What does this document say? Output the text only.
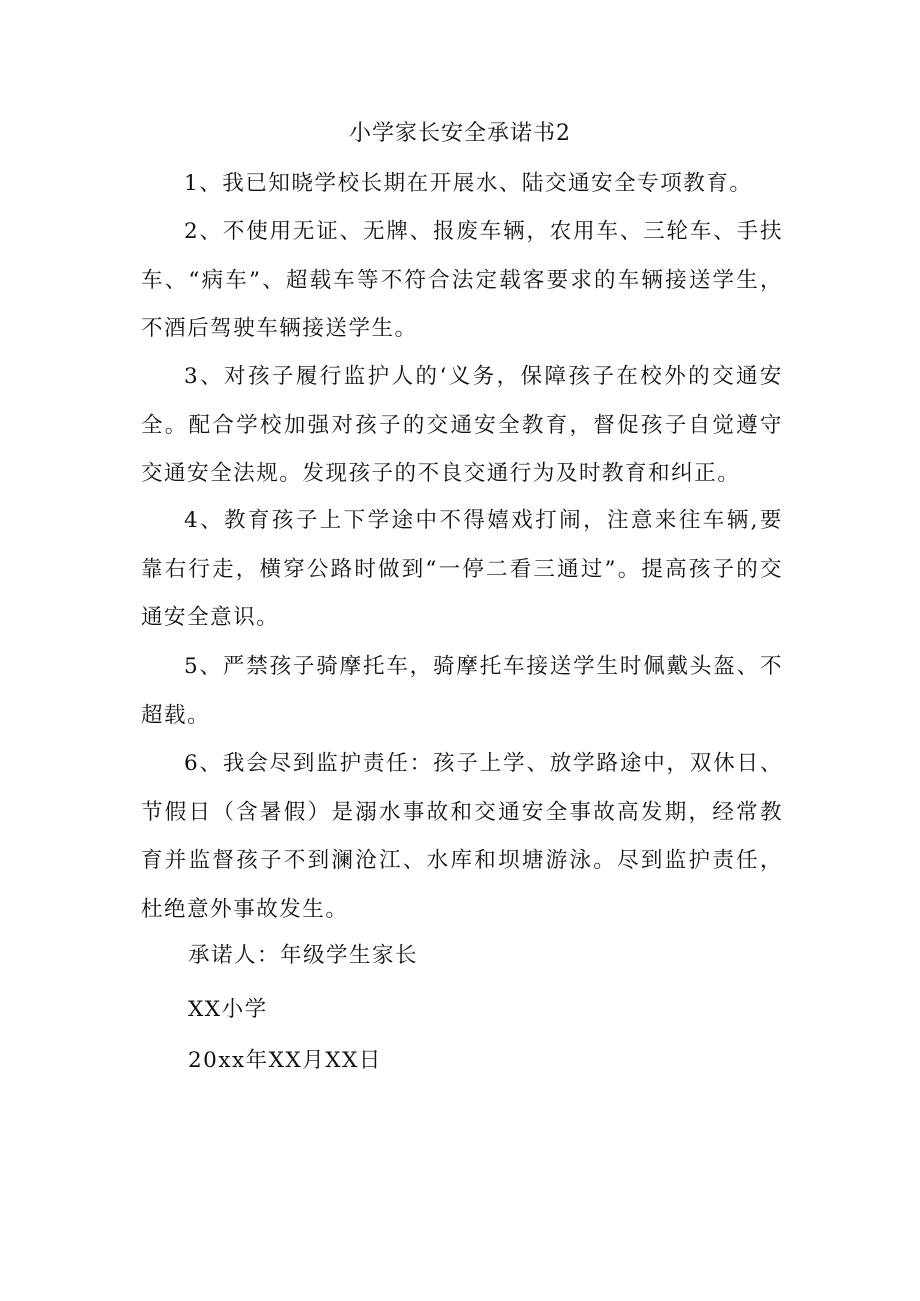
小学家长安全承诺书2

1、我已知晓学校长期在开展水、陆交通安全专项教育。

2、不使用无证、无牌、报废车辆，农用车、三轮车、手扶车、“病车”、超载车等不符合法定载客要求的车辆接送学生，不酒后驾驶车辆接送学生。

3、对孩子履行监护人的‘义务，保障孩子在校外的交通安全。配合学校加强对孩子的交通安全教育，督促孩子自觉遵守交通安全法规。发现孩子的不良交通行为及时教育和纠正。

4、教育孩子上下学途中不得嬉戏打闹，注意来往车辆,要靠右行走，横穿公路时做到“一停二看三通过”。提高孩子的交通安全意识。

5、严禁孩子骑摩托车，骑摩托车接送学生时佩戴头盔、不超载。

6、我会尽到监护责任：孩子上学、放学路途中，双休日、节假日（含暑假）是溺水事故和交通安全事故高发期，经常教育并监督孩子不到澜沧江、水库和坝塘游泳。尽到监护责任，杜绝意外事故发生。

承诺人：年级学生家长
XX小学
20xx年XX月XX日
